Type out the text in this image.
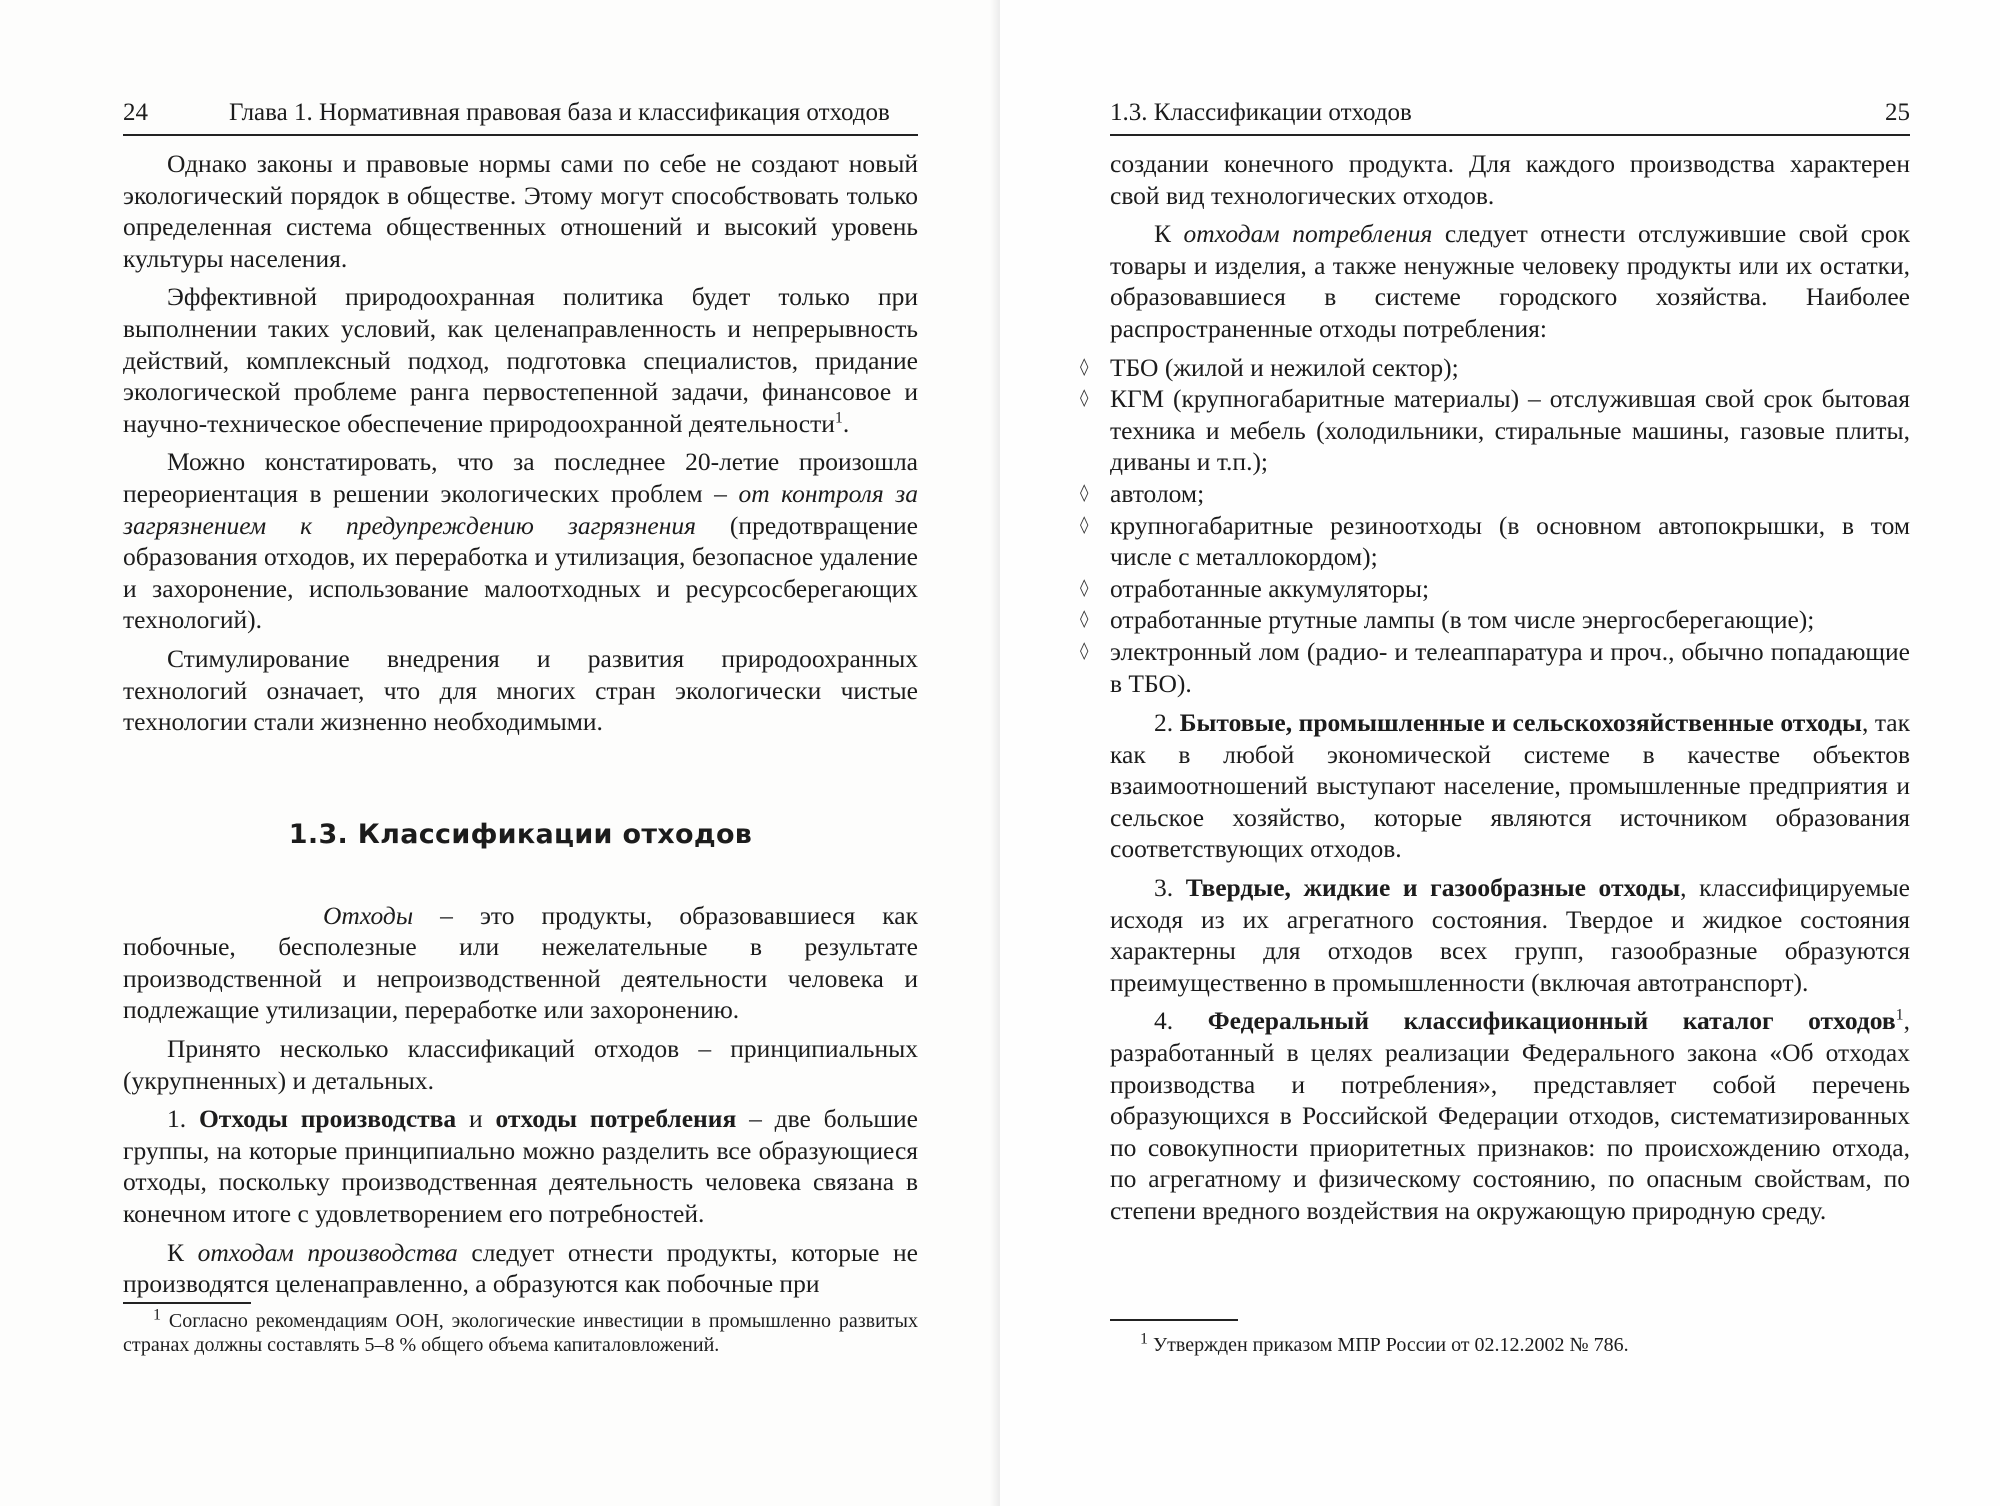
24	Глава 1. Нормативная правовая база и классификация отходов

Однако законы и правовые нормы сами по себе не создают новый экологический порядок в обществе. Этому могут способствовать только определенная система общественных отношений и высокий уровень культуры населения.

Эффективной природоохранная политика будет только при выполнении таких условий, как целенаправленность и непрерывность действий, комплексный подход, подготовка специалистов, придание экологической проблеме ранга первостепенной задачи, финансовое и научно-техническое обеспечение природоохранной деятельности$^1$.

Можно констатировать, что за последнее 20-летие произошла переориентация в решении экологических проблем – от контроля за загрязнением к предупреждению загрязнения (предотвращение образования отходов, их переработка и утилизация, безопасное удаление и захоронение, использование малоотходных и ресурсосберегающих технологий).

Стимулирование внедрения и развития природоохранных технологий означает, что для многих стран экологически чистые технологии стали жизненно необходимыми.

1.3. Классификации отходов

Отходы – это продукты, образовавшиеся как побочные, бесполезные или нежелательные в результате производственной и непроизводственной деятельности человека и подлежащие утилизации, переработке или захоронению.

Принято несколько классификаций отходов – принципиальных (укрупненных) и детальных.

1. Отходы производства и отходы потребления – две большие группы, на которые принципиально можно разделить все образующиеся отходы, поскольку производственная деятельность человека связана в конечном итоге с удовлетворением его потребностей.

К отходам производства следует отнести продукты, которые не производятся целенаправленно, а образуются как побочные при

$^1$ Согласно рекомендациям ООН, экологические инвестиции в промышленно развитых странах должны составлять 5–8 % общего объема капиталовложений.
1.3. Классификации отходов	25

создании конечного продукта. Для каждого производства характерен свой вид технологических отходов.

К отходам потребления следует отнести отслужившие свой срок товары и изделия, а также ненужные человеку продукты или их остатки, образовавшиеся в системе городского хозяйства. Наиболее распространенные отходы потребления:

◊ ТБО (жилой и нежилой сектор);
◊ КГМ (крупногабаритные материалы) – отслужившая свой срок бытовая техника и мебель (холодильники, стиральные машины, газовые плиты, диваны и т.п.);
◊ автолом;
◊ крупногабаритные резиноотходы (в основном автопокрышки, в том числе с металлокордом);
◊ отработанные аккумуляторы;
◊ отработанные ртутные лампы (в том числе энергосберегающие);
◊ электронный лом (радио- и телеаппаратура и проч., обычно попадающие в ТБО).

2. Бытовые, промышленные и сельскохозяйственные отходы, так как в любой экономической системе в качестве объектов взаимоотношений выступают население, промышленные предприятия и сельское хозяйство, которые являются источником образования соответствующих отходов.

3. Твердые, жидкие и газообразные отходы, классифицируемые исходя из их агрегатного состояния. Твердое и жидкое состояния характерны для отходов всех групп, газообразные образуются преимущественно в промышленности (включая автотранспорт).

4. Федеральный классификационный каталог отходов$^1$, разработанный в целях реализации Федерального закона «Об отходах производства и потребления», представляет собой перечень образующихся в Российской Федерации отходов, систематизированных по совокупности приоритетных признаков: по происхождению отхода, по агрегатному и физическому состоянию, по опасным свойствам, по степени вредного воздействия на окружающую природную среду.

$^1$ Утвержден приказом МПР России от 02.12.2002 № 786.
